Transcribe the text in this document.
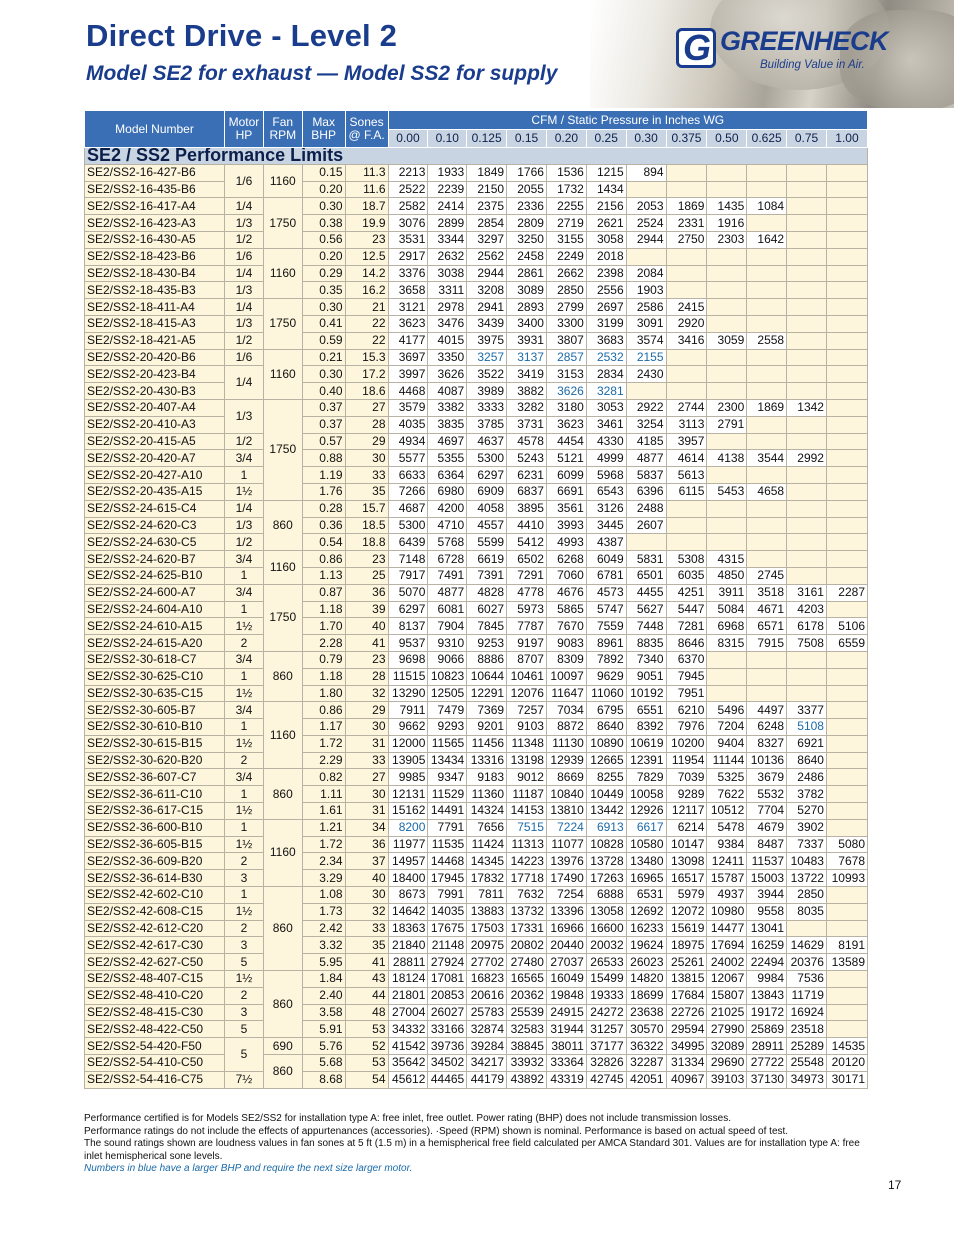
Direct Drive - Level 2
Model SE2 for exhaust — Model SS2 for supply
G GREENHECK
Building Value in Air.
Model Number	Motor HP	Fan RPM	Max BHP	Sones @ F.A.	CFM / Static Pressure in Inches WG											
					0.00	0.10	0.125	0.15	0.20	0.25	0.30	0.375	0.50	0.625	0.75	1.00
SE2 / SS2 Performance Limits																
SE2/SS2-16-427-B6	1/6	1160	0.15	11.3	2213	1933	1849	1766	1536	1215	894					
SE2/SS2-16-435-B6			0.20	11.6	2522	2239	2150	2055	1732	1434						
SE2/SS2-16-417-A4	1/4	1750	0.30	18.7	2582	2414	2375	2336	2255	2156	2053	1869	1435	1084		
SE2/SS2-16-423-A3	1/3		0.38	19.9	3076	2899	2854	2809	2719	2621	2524	2331	1916			
SE2/SS2-16-430-A5	1/2		0.56	23	3531	3344	3297	3250	3155	3058	2944	2750	2303	1642		
SE2/SS2-18-423-B6	1/6	1160	0.20	12.5	2917	2632	2562	2458	2249	2018						
SE2/SS2-18-430-B4	1/4		0.29	14.2	3376	3038	2944	2861	2662	2398	2084					
SE2/SS2-18-435-B3	1/3		0.35	16.2	3658	3311	3208	3089	2850	2556	1903					
SE2/SS2-18-411-A4	1/4	1750	0.30	21	3121	2978	2941	2893	2799	2697	2586	2415				
SE2/SS2-18-415-A3	1/3		0.41	22	3623	3476	3439	3400	3300	3199	3091	2920				
SE2/SS2-18-421-A5	1/2		0.59	22	4177	4015	3975	3931	3807	3683	3574	3416	3059	2558		
SE2/SS2-20-420-B6	1/6	1160	0.21	15.3	3697	3350	3257	3137	2857	2532	2155					
SE2/SS2-20-423-B4	1/4		0.30	17.2	3997	3626	3522	3419	3153	2834	2430					
SE2/SS2-20-430-B3			0.40	18.6	4468	4087	3989	3882	3626	3281						
SE2/SS2-20-407-A4	1/3	1750	0.37	27	3579	3382	3333	3282	3180	3053	2922	2744	2300	1869	1342	
SE2/SS2-20-410-A3			0.37	28	4035	3835	3785	3731	3623	3461	3254	3113	2791			
SE2/SS2-20-415-A5	1/2		0.57	29	4934	4697	4637	4578	4454	4330	4185	3957				
SE2/SS2-20-420-A7	3/4		0.88	30	5577	5355	5300	5243	5121	4999	4877	4614	4138	3544	2992	
SE2/SS2-20-427-A10	1		1.19	33	6633	6364	6297	6231	6099	5968	5837	5613				
SE2/SS2-20-435-A15	1½		1.76	35	7266	6980	6909	6837	6691	6543	6396	6115	5453	4658		
SE2/SS2-24-615-C4	1/4	860	0.28	15.7	4687	4200	4058	3895	3561	3126	2488					
SE2/SS2-24-620-C3	1/3		0.36	18.5	5300	4710	4557	4410	3993	3445	2607					
SE2/SS2-24-630-C5	1/2		0.54	18.8	6439	5768	5599	5412	4993	4387						
SE2/SS2-24-620-B7	3/4	1160	0.86	23	7148	6728	6619	6502	6268	6049	5831	5308	4315			
SE2/SS2-24-625-B10	1		1.13	25	7917	7491	7391	7291	7060	6781	6501	6035	4850	2745		
SE2/SS2-24-600-A7	3/4	1750	0.87	36	5070	4877	4828	4778	4676	4573	4455	4251	3911	3518	3161	2287
SE2/SS2-24-604-A10	1		1.18	39	6297	6081	6027	5973	5865	5747	5627	5447	5084	4671	4203	
SE2/SS2-24-610-A15	1½		1.70	40	8137	7904	7845	7787	7670	7559	7448	7281	6968	6571	6178	5106
SE2/SS2-24-615-A20	2		2.28	41	9537	9310	9253	9197	9083	8961	8835	8646	8315	7915	7508	6559
SE2/SS2-30-618-C7	3/4	860	0.79	23	9698	9066	8886	8707	8309	7892	7340	6370				
SE2/SS2-30-625-C10	1		1.18	28	11515	10823	10644	10461	10097	9629	9051	7945				
SE2/SS2-30-635-C15	1½		1.80	32	13290	12505	12291	12076	11647	11060	10192	7951				
SE2/SS2-30-605-B7	3/4	1160	0.86	29	7911	7479	7369	7257	7034	6795	6551	6210	5496	4497	3377	
SE2/SS2-30-610-B10	1		1.17	30	9662	9293	9201	9103	8872	8640	8392	7976	7204	6248	5108	
SE2/SS2-30-615-B15	1½		1.72	31	12000	11565	11456	11348	11130	10890	10619	10200	9404	8327	6921	
SE2/SS2-30-620-B20	2		2.29	33	13905	13434	13316	13198	12939	12665	12391	11954	11144	10136	8640	
SE2/SS2-36-607-C7	3/4	860	0.82	27	9985	9347	9183	9012	8669	8255	7829	7039	5325	3679	2486	
SE2/SS2-36-611-C10	1		1.11	30	12131	11529	11360	11187	10840	10449	10058	9289	7622	5532	3782	
SE2/SS2-36-617-C15	1½		1.61	31	15162	14491	14324	14153	13810	13442	12926	12117	10512	7704	5270	
SE2/SS2-36-600-B10	1	1160	1.21	34	8200	7791	7656	7515	7224	6913	6617	6214	5478	4679	3902	
SE2/SS2-36-605-B15	1½		1.72	36	11977	11535	11424	11313	11077	10828	10580	10147	9384	8487	7337	5080
SE2/SS2-36-609-B20	2		2.34	37	14957	14468	14345	14223	13976	13728	13480	13098	12411	11537	10483	7678
SE2/SS2-36-614-B30	3		3.29	40	18400	17945	17832	17718	17490	17263	16965	16517	15787	15003	13722	10993
SE2/SS2-42-602-C10	1	860	1.08	30	8673	7991	7811	7632	7254	6888	6531	5979	4937	3944	2850	
SE2/SS2-42-608-C15	1½		1.73	32	14642	14035	13883	13732	13396	13058	12692	12072	10980	9558	8035	
SE2/SS2-42-612-C20	2		2.42	33	18363	17675	17503	17331	16966	16600	16233	15619	14477	13041		
SE2/SS2-42-617-C30	3		3.32	35	21840	21148	20975	20802	20440	20032	19624	18975	17694	16259	14629	8191
SE2/SS2-42-627-C50	5		5.95	41	28811	27924	27702	27480	27037	26533	26023	25261	24002	22494	20376	13589
SE2/SS2-48-407-C15	1½	860	1.84	43	18124	17081	16823	16565	16049	15499	14820	13815	12067	9984	7536	
SE2/SS2-48-410-C20	2		2.40	44	21801	20853	20616	20362	19848	19333	18699	17684	15807	13843	11719	
SE2/SS2-48-415-C30	3		3.58	48	27004	26027	25783	25539	24915	24272	23638	22726	21025	19172	16924	
SE2/SS2-48-422-C50	5		5.91	53	34332	33166	32874	32583	31944	31257	30570	29594	27990	25869	23518	
SE2/SS2-54-420-F50	5	690	5.76	52	41542	39736	39284	38845	38011	37177	36322	34995	32089	28911	25289	14535
SE2/SS2-54-410-C50		860	5.68	53	35642	34502	34217	33932	33364	32826	32287	31334	29690	27722	25548	20120
SE2/SS2-54-416-C75	7½		8.68	54	45612	44465	44179	43892	43319	42745	42051	40967	39103	37130	34973	30171
Performance certified is for Models SE2/SS2 for installation type A: free inlet, free outlet. Power rating (BHP) does not include transmission losses.
Performance ratings do not include the effects of appurtenances (accessories). ·Speed (RPM) shown is nominal. Performance is based on actual speed of test.
The sound ratings shown are loudness values in fan sones at 5 ft (1.5 m) in a hemispherical free field calculated per AMCA Standard 301. Values are for installation type A: free inlet hemispherical sone levels.
Numbers in blue have a larger BHP and require the next size larger motor.
17
